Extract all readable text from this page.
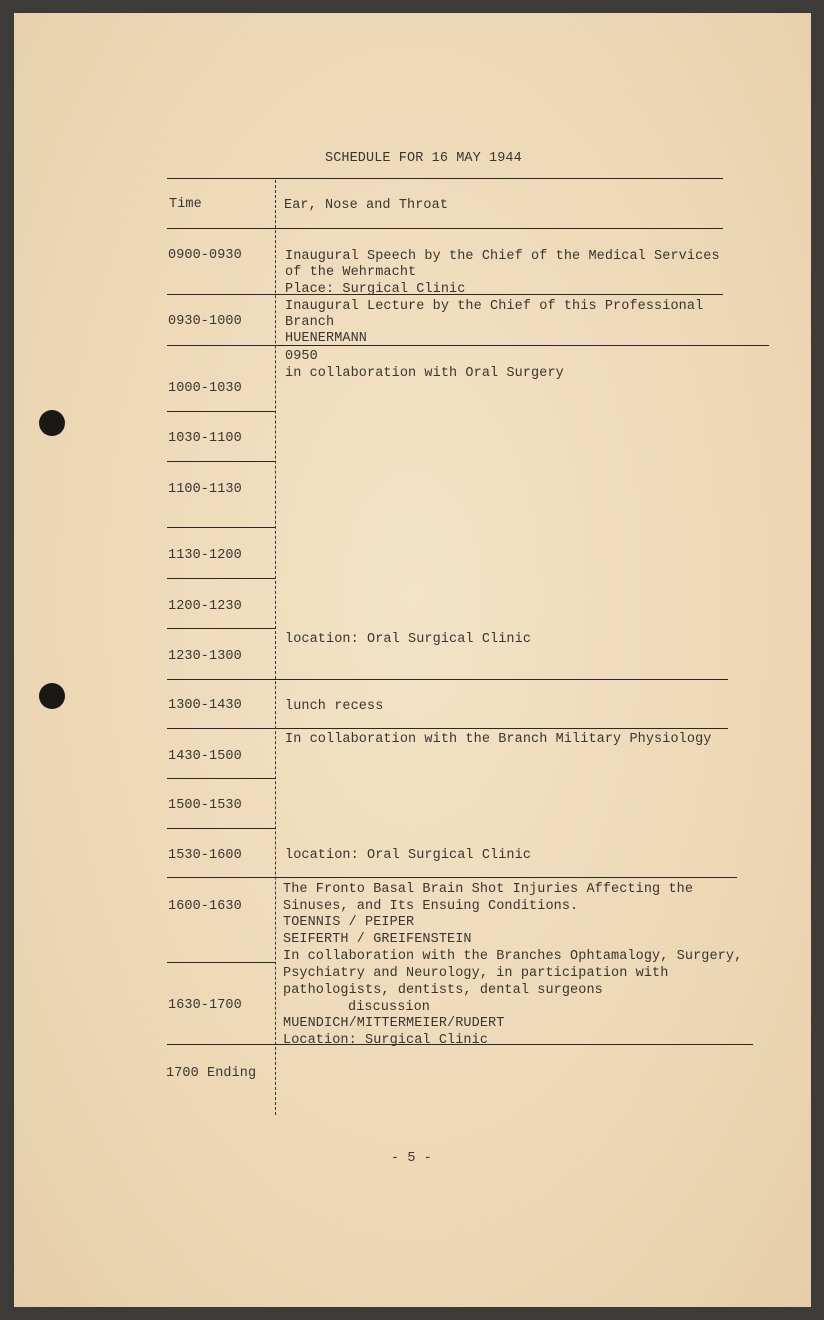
SCHEDULE FOR 16 MAY 1944
Time	Ear, Nose and Throat
0900-0930
0930-1000
1000-1030
1030-1100
1100-1130
1130-1200
1200-1230
1230-1300
1300-1430
1430-1500
1500-1530
1530-1600
1600-1630
1630-1700
1700 Ending
Inaugural Speech by the Chief of the Medical Services
of the Wehrmacht
Place: Surgical Clinic
Inaugural Lecture by the Chief of this Professional
Branch
HUENERMANN
0950
in collaboration with Oral Surgery
location: Oral Surgical Clinic
lunch recess
In collaboration with the Branch Military Physiology
location: Oral Surgical Clinic
The Fronto Basal Brain Shot Injuries Affecting the
Sinuses, and Its Ensuing Conditions.
TOENNIS / PEIPER
SEIFERTH / GREIFENSTEIN
In collaboration with the Branches Ophtamalogy, Surgery,
Psychiatry and Neurology, in participation with
pathologists, dentists, dental surgeons
discussion
MUENDICH/MITTERMEIER/RUDERT
Location: Surgical Clinic
- 5 -
